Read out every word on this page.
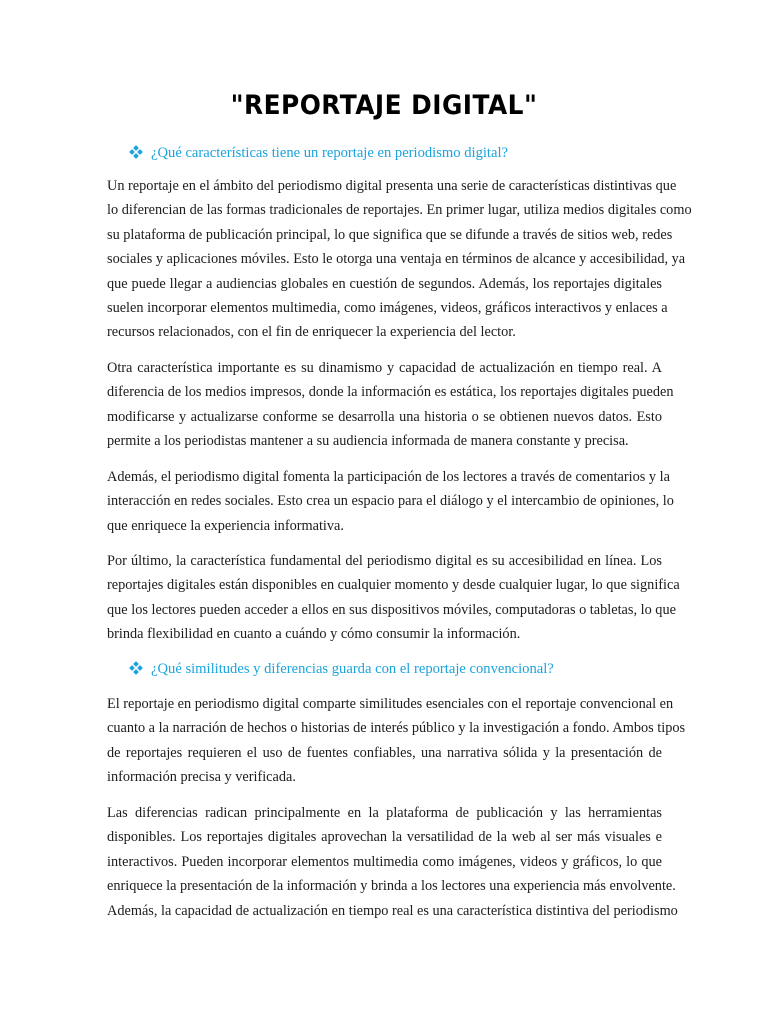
"REPORTAJE DIGITAL"
¿Qué características tiene un reportaje en periodismo digital?
Un reportaje en el ámbito del periodismo digital presenta una serie de características distintivas que
lo diferencian de las formas tradicionales de reportajes. En primer lugar, utiliza medios digitales como
su plataforma de publicación principal, lo que significa que se difunde a través de sitios web, redes
sociales y aplicaciones móviles. Esto le otorga una ventaja en términos de alcance y accesibilidad, ya
que puede llegar a audiencias globales en cuestión de segundos. Además, los reportajes digitales
suelen incorporar elementos multimedia, como imágenes, videos, gráficos interactivos y enlaces a
recursos relacionados, con el fin de enriquecer la experiencia del lector.
Otra característica importante es su dinamismo y capacidad de actualización en tiempo real. A
diferencia de los medios impresos, donde la información es estática, los reportajes digitales pueden
modificarse y actualizarse conforme se desarrolla una historia o se obtienen nuevos datos. Esto
permite a los periodistas mantener a su audiencia informada de manera constante y precisa.
Además, el periodismo digital fomenta la participación de los lectores a través de comentarios y la
interacción en redes sociales. Esto crea un espacio para el diálogo y el intercambio de opiniones, lo
que enriquece la experiencia informativa.
Por último, la característica fundamental del periodismo digital es su accesibilidad en línea. Los
reportajes digitales están disponibles en cualquier momento y desde cualquier lugar, lo que significa
que los lectores pueden acceder a ellos en sus dispositivos móviles, computadoras o tabletas, lo que
brinda flexibilidad en cuanto a cuándo y cómo consumir la información.
¿Qué similitudes y diferencias guarda con el reportaje convencional?
El reportaje en periodismo digital comparte similitudes esenciales con el reportaje convencional en
cuanto a la narración de hechos o historias de interés público y la investigación a fondo. Ambos tipos
de reportajes requieren el uso de fuentes confiables, una narrativa sólida y la presentación de
información precisa y verificada.
Las diferencias radican principalmente en la plataforma de publicación y las herramientas
disponibles. Los reportajes digitales aprovechan la versatilidad de la web al ser más visuales e
interactivos. Pueden incorporar elementos multimedia como imágenes, videos y gráficos, lo que
enriquece la presentación de la información y brinda a los lectores una experiencia más envolvente.
Además, la capacidad de actualización en tiempo real es una característica distintiva del periodismo
